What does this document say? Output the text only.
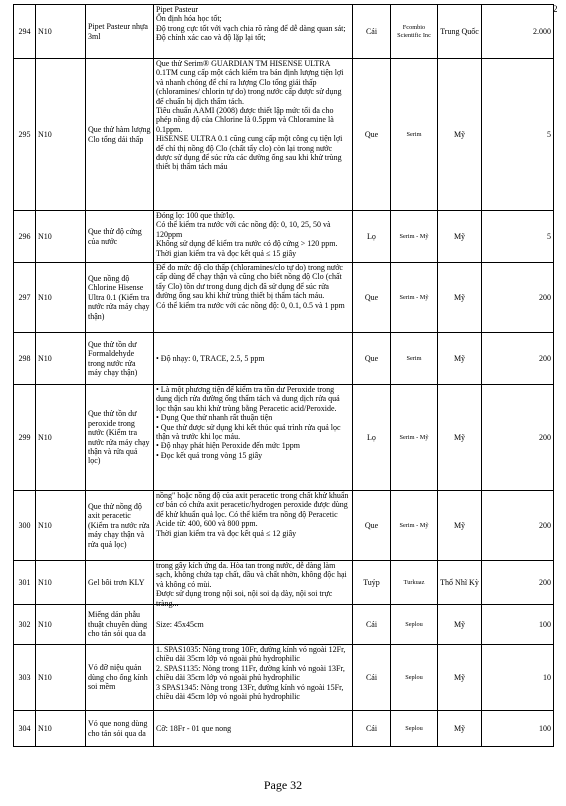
2
294	N10	Pipet Pasteur nhựa 3ml	Pipet Pasteur

Ổn định hóa học tốt;

Độ trong cực tốt với vạch chia rõ ràng để dễ dàng quan sát;

Độ chính xác cao và độ lặp lại tốt;	Cái	Fcombio Scientific Inc	Trung Quốc	2.000
295	N10	Que thử hàm lượng Clo tổng dải thấp	Que thử Serim® GUARDIAN TM HISENSE ULTRA 0.1TM cung cấp một cách kiểm tra bán định lượng tiện lợi và nhanh chóng để chỉ ra lượng Clo tổng giải thấp (chloramines/ chlorin tự do) trong nước cấp được sử dụng để chuẩn bị dịch thẩm tách.

Tiêu chuẩn AAMI (2008) được thiết lập mức tối đa cho phép nồng độ của Chlorine là 0.5ppm và Chloramine là 0.1ppm.

HiSENSE ULTRA 0.1 cũng cung cấp một công cụ tiện lợi để chỉ thị nồng độ Clo (chất tẩy clo) còn lại trong nước được sử dụng để súc rửa các đường ống sau khi khử trùng thiết bị thẩm tách máu	Que	Serim	Mỹ	5
296	N10	Que thử độ cứng của nước	Đóng lọ: 100 que thử/lọ.

Có thể kiểm tra nước với các nồng độ: 0, 10, 25, 50 và 120ppm

Không sử dụng để kiểm tra nước có độ cứng > 120 ppm.

Thời gian kiểm tra và đọc kết quả ≤ 15 giây	Lọ	Serim - Mỹ	Mỹ	5
297	N10	Que nồng độ Chlorine Hisense Ultra 0.1 (Kiểm tra nước rửa máy chạy thận)	Để đo mức độ clo thấp (chloramines/clo tự do) trong nước cấp dùng để chạy thận và cũng cho biết nồng độ Clo (chất tẩy Clo) tồn dư trong dung dịch đã sử dụng để súc rửa đường ống sau khi khử trùng thiết bị thẩm tách máu.

Có thể kiểm tra nước với các nồng độ: 0, 0.1, 0.5 và 1 ppm	Que	Serim - Mỹ	Mỹ	200
298	N10	Que thử tồn dư Formaldehyde trong nước rửa máy chạy thận)	• Độ nhạy: 0, TRACE, 2.5, 5 ppm	Que	Serim	Mỹ	200
299	N10	Que thử tồn dư peroxide trong nước (Kiểm tra nước rửa máy chạy thận và rửa quả lọc)	• Là một phương tiện để kiểm tra tồn dư Peroxide trong dung dịch rửa đường ống thẩm tách và dung dịch rửa quả lọc thận sau khi khử trùng bằng Peracetic acid/Peroxide.

• Dụng Que thử nhanh rất thuận tiện

• Que thử được sử dụng khi kết thúc quá trình rửa quả lọc thận và trước khi lọc máu.

• Độ nhạy phát hiện Peroxide đến mức 1ppm

• Đọc kết quả trong vòng 15 giây	Lọ	Serim - Mỹ	Mỹ	200
300	N10	Que thử nồng độ axit peracetic (Kiểm tra nước rửa máy chạy thận và rửa quả lọc)	nồng" hoặc nồng độ của axit peracetic trong chất khử khuẩn cơ bản có chứa axit peracetic/hydrogen peroxide được dùng để khử khuẩn quả lọc. Có thể kiểm tra nồng độ Peracetic Acide từ: 400, 600 và 800 ppm.

Thời gian kiểm tra và đọc kết quả ≤ 12 giây	Que	Serim - Mỹ	Mỹ	200
301	N10	Gel bôi trơn KLY	trong gây kích ứng da. Hòa tan trong nước, dễ dàng làm sạch, không chứa tạp chất, dầu và chất nhờn, không độc hại và không có mùi.

Được sử dụng trong nội soi, nội soi dạ dày, nội soi trực tràng...	Tuýp	Turkuaz	Thổ Nhĩ Kỳ	200
302	N10	Miếng dán phẫu thuật chuyên dùng cho tán sỏi qua da	Size: 45x45cm	Cái	Seplou	Mỹ	100
303	N10	Vỏ đỡ niệu quản dùng cho ống kính soi mềm	1. SPAS1035: Nòng trong 10Fr, đường kính vỏ ngoài 12Fr, chiều dài 35cm lớp vỏ ngoài phủ hydrophilic

2. SPAS1135: Nòng trong 11Fr, đường kính vỏ ngoài 13Fr, chiều dài 35cm lớp vỏ ngoài phủ hydrophilic

3 SPAS1345: Nòng trong 13Fr, đường kính vỏ ngoài 15Fr, chiều dài 45cm lớp vỏ ngoài phủ hydrophilic	Cái	Seplou	Mỹ	10
304	N10	Vỏ que nong dùng cho tán sỏi qua da	Cỡ: 18Fr - 01 que nong	Cái	Seplou	Mỹ	100
Page 32
